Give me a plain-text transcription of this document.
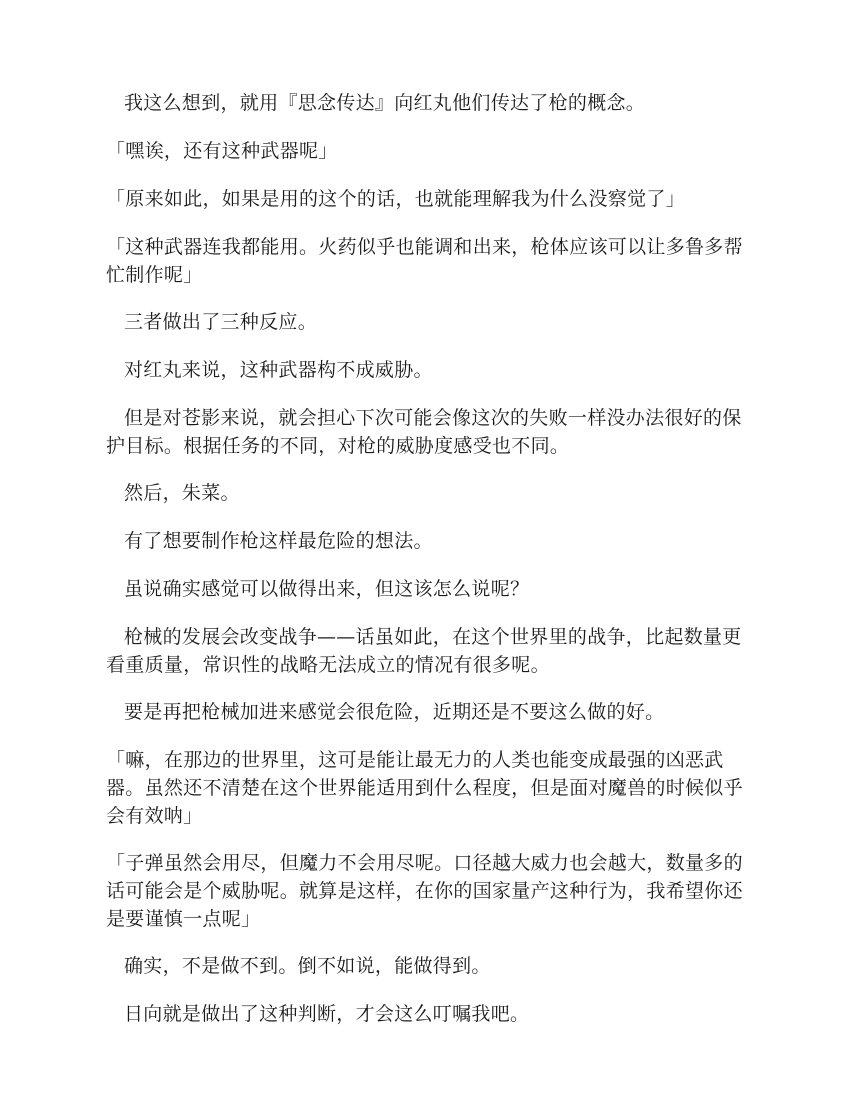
我这么想到，就用『思念传达』向红丸他们传达了枪的概念。

「嘿诶，还有这种武器呢」

「原来如此，如果是用的这个的话，也就能理解我为什么没察觉了」

「这种武器连我都能用。火药似乎也能调和出来，枪体应该可以让多鲁多帮忙制作呢」

三者做出了三种反应。

对红丸来说，这种武器构不成威胁。

但是对苍影来说，就会担心下次可能会像这次的失败一样没办法很好的保护目标。根据任务的不同，对枪的威胁度感受也不同。

然后，朱菜。

有了想要制作枪这样最危险的想法。

虽说确实感觉可以做得出来，但这该怎么说呢？

枪械的发展会改变战争——话虽如此，在这个世界里的战争，比起数量更看重质量，常识性的战略无法成立的情况有很多呢。

要是再把枪械加进来感觉会很危险，近期还是不要这么做的好。

「嘛，在那边的世界里，这可是能让最无力的人类也能变成最强的凶恶武器。虽然还不清楚在这个世界能适用到什么程度，但是面对魔兽的时候似乎会有效呐」

「子弹虽然会用尽，但魔力不会用尽呢。口径越大威力也会越大，数量多的话可能会是个威胁呢。就算是这样，在你的国家量产这种行为，我希望你还是要谨慎一点呢」

确实，不是做不到。倒不如说，能做得到。

日向就是做出了这种判断，才会这么叮嘱我吧。
